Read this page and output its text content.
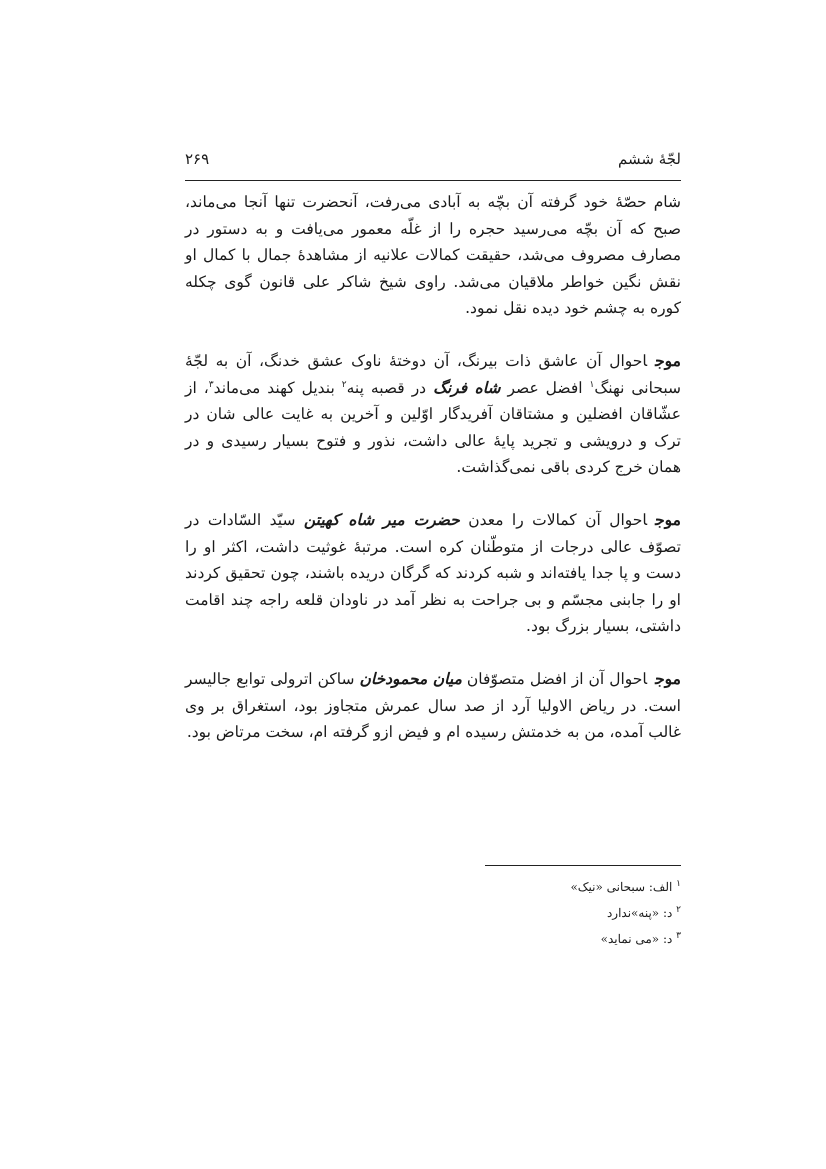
لجّهٔ ششم
۲۶۹

شام حصّهٔ خود گرفته آن بچّه به آبادی می‌رفت، آنحضرت تنها آنجا می‌ماند، صبح که آن بچّه می‌رسید حجره را از غلّه معمور می‌یافت و به دستور در مصارف مصروف می‌شد، حقیقت کمالات علانیه از مشاهدهٔ جمال با کمال او نقش نگین خواطر ملاقیان می‌شد. راوی شیخ شاکر علی قانون گوی چکله کوره به چشم خود دیده نقل نمود.

موجاحوال آن عاشق ذات بیرنگ، آن دوختهٔ ناوک عشق خدنگ، آن به لجّهٔ سبحانی نهنگ$^۱$ افضل عصر شاه فرنگ در قصبه پنه$^۲$ بندیل کهند می‌ماند$^۳$، از عشّاقان افضلین و مشتاقان آفریدگار اوّلین و آخرین به غایت عالی شان در ترک و درویشی و تجرید پایهٔ عالی داشت، نذور و فتوح بسیار رسیدی و در همان خرج کردی باقی نمی‌گذاشت.

موجاحوال آن کمالات را معدن حضرت میر شاه کهیتن سیّد السّادات در تصوّف عالی درجات از متوطّنان کره است. مرتبهٔ غوثیت داشت، اکثر او را دست و پا جدا یافته‌اند و شبه کردند که گرگان دریده باشند، چون تحقیق کردند او را جابنی مجسّم و بی جراحت به نظر آمد در ناودان قلعه راجه چند اقامت داشتی، بسیار بزرگ بود.

موجاحوال آن از افضل متصوّفان میان محمودخان ساکن اترولی توابع جالیسر است. در ریاض الاولیا آرد از صد سال عمرش متجاوز بود، استغراق بر وی غالب آمده، من به خدمتش رسیده ام و فیض ازو گرفته ام، سخت مرتاض بود.

$^۱$ الف: سبحانی «نیک»

$^۲$ د: «پنه»ندارد

$^۳$ د: «می نماید»
